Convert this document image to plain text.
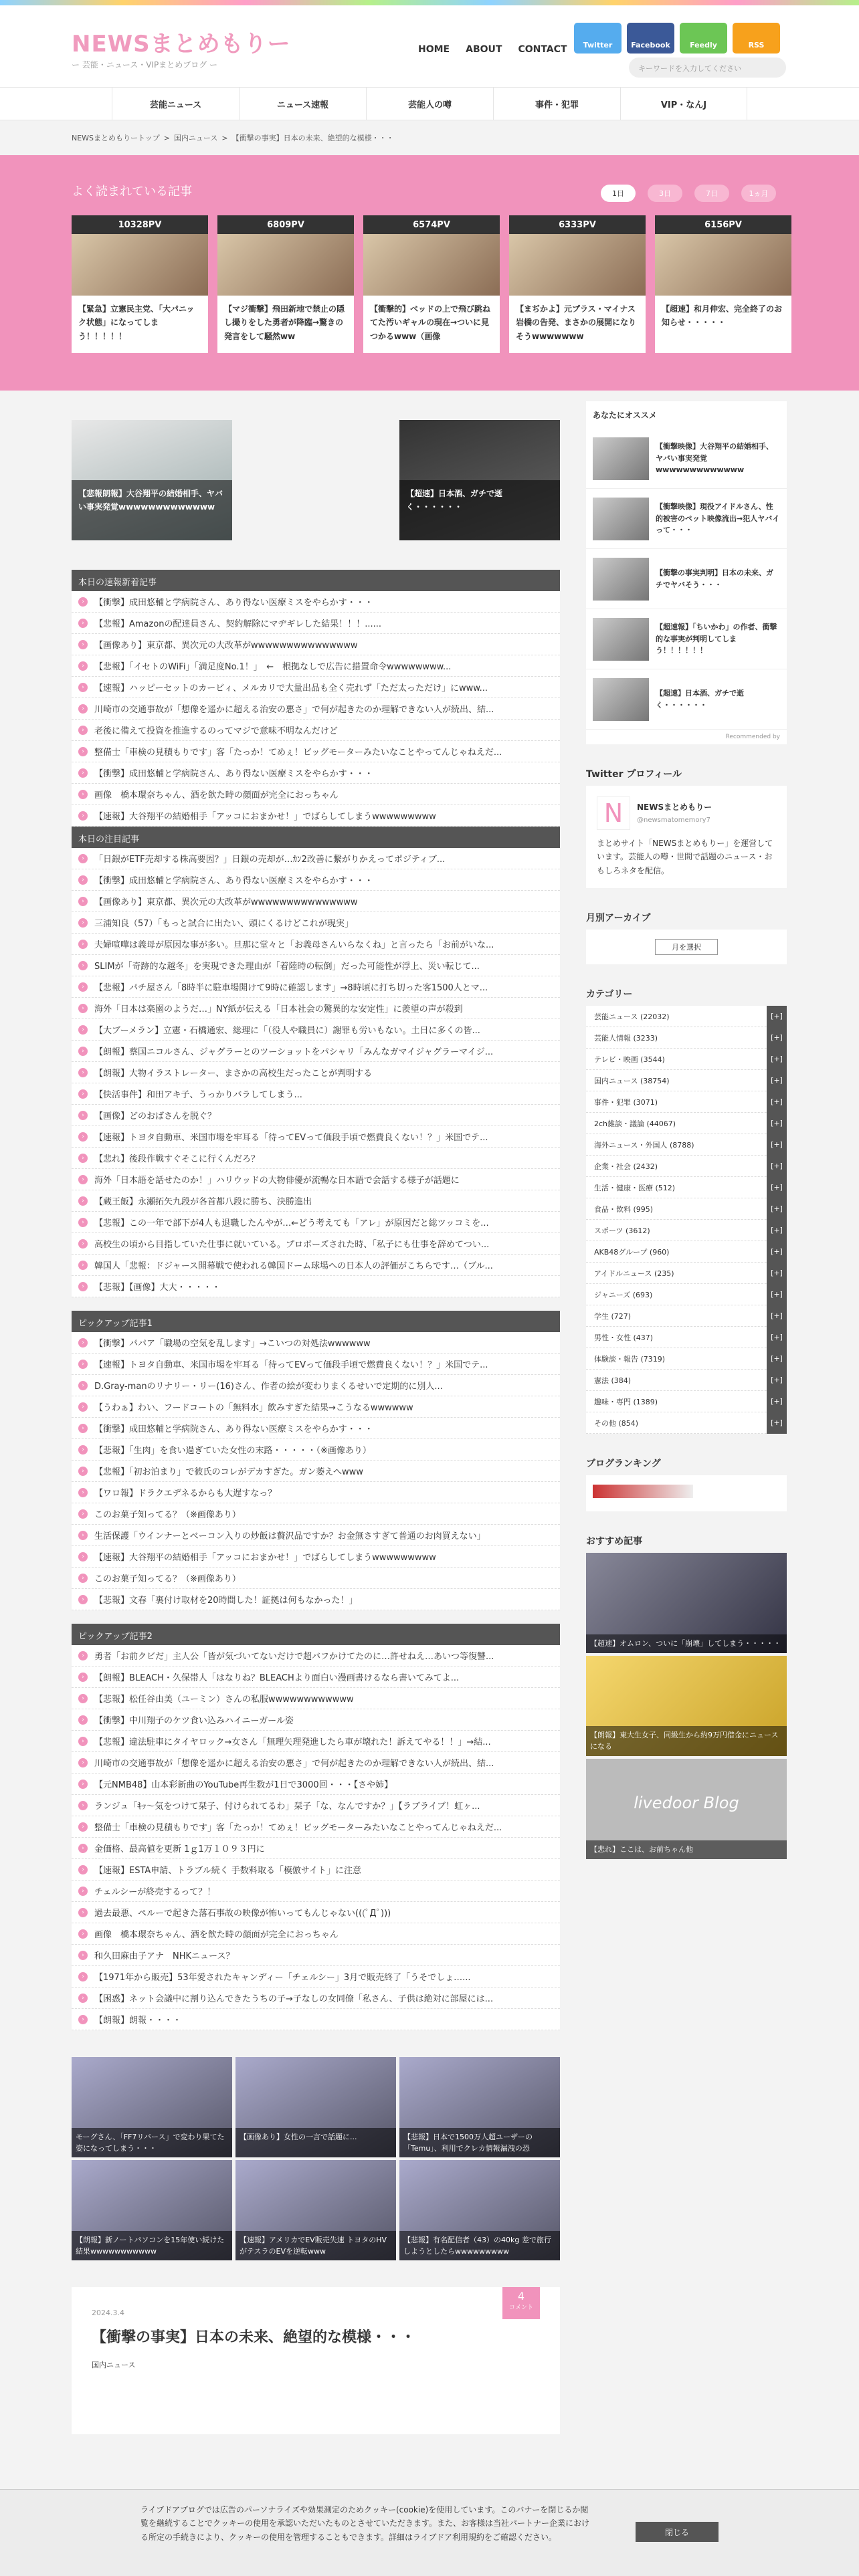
NEWSまとめもりー
ー 芸能・ニュース・VIPまとめブログ ー
HOME ABOUT CONTACT	Twitter	Facebook	Feedly	RSS
キーワードを入力してください
芸能ニュース	ニュース速報	芸能人の噂	事件・犯罪	VIP・なんJ
NEWSまとめもりートップ > 国内ニュース > 【衝撃の事実】日本の未来、絶望的な模様・・・
よく読まれている記事	1日	3日	7日	1ヵ月
10328PV
【緊急】立憲民主党、「大パニック状態」になってしまう！！！！！
6809PV
【マジ衝撃】飛田新地で禁止の隠し撮りをした勇者が降臨→驚きの発言をして騒然ww
6574PV
【衝撃的】ベッドの上で飛び跳ねてた汚いギャルの現在→ついに見つかるwww（画像
6333PV
【まぢかよ】元プラス・マイナス岩橋の告発、まさかの展開になりそうwwwwwww
6156PV
【超速】和月伸宏、完全終了のお知らせ・・・・・
【悲報朗報】大谷翔平の結婚相手、ヤバい事実発覚wwwwwwwwwwwww
【超速】日本酒、ガチで逝く・・・・・・
本日の速報新着記事
›	【衝撃】成田悠輔と学病院さん、あり得ない医療ミスをやらかす・・・
›	【悲報】Amazonの配達員さん、契約解除にマヂギレした結果！！！......
›	【画像あり】東京都、異次元の大改革がwwwwwwwwwwwwwww
›	【悲報】「イセトのWiFi」「満足度No.1！」　←　根拠なしで広告に措置命令wwwwwwww...
›	【速報】ハッピーセットのカービィ、メルカリで大量出品も全く売れず「ただ太っただけ」にwww...
›	川崎市の交通事故が「想像を遥かに超える治安の悪さ」で何が起きたのか理解できない人が続出、結...
›	老後に備えて投資を推進するのってマジで意味不明なんだけど
›	整備士「車検の見積もりです」客「たっか！てめぇ！ビッグモーターみたいなことやってんじゃねえだ...
›	【衝撃】成田悠輔と学病院さん、あり得ない医療ミスをやらかす・・・
›	画像　橋本環奈ちゃん、酒を飲た時の顔面が完全におっちゃん
›	【速報】大谷翔平の結婚相手「アッコにおまかせ！」でばらしてしまうwwwwwwwww
本日の注目記事
›	「日銀がETF売却する株高要因？」日銀の売却が…ｶﾝ2改善に繋がりかえってポジティブ...
›	【衝撃】成田悠輔と学病院さん、あり得ない医療ミスをやらかす・・・
›	【画像あり】東京都、異次元の大改革がwwwwwwwwwwwwwww
›	三浦知良（57）「もっと試合に出たい、頭にくるけどこれが現実」
›	夫婦喧嘩は義母が原因な事が多い。旦那に堂々と「お義母さんいらなくね」と言ったら「お前がいな...
›	SLIMが「奇跡的な越冬」を実現できた理由が「着陸時の転倒」だった可能性が浮上、災い転じて...
›	【悲報】パチ屋さん「8時半に駐車場開けて9時に確認します」→8時頃に打ち切った客1500人とマ...
›	海外「日本は楽園のようだ…」NY紙が伝える「日本社会の驚異的な安定性」に羨望の声が殺到
›	【大ブーメラン】立憲・石橋通宏、総理に「（役人や職員に）謝罪も労いもない。土日に多くの皆...
›	【朗報】蔡国ニコルさん、ジャグラーとのツーショットをパシャリ「みんなガマイジャグラーマイジ...
›	【朗報】大物イラストレーター、まさかの高校生だったことが判明する
›	【快活事件】和田アキ子、うっかりバラしてしまう...
›	【画像】どのおばさんを脱ぐ？
›	【速報】トヨタ自動車、米国市場を牢耳る「待ってEVって価段手頃で燃費良くない！？」米国でテ...
›	【悲れ】後段作戦すぐそこに行くんだろ？
›	海外「日本語を話せたのか！」ハリウッドの大物俳優が流暢な日本語で会話する様子が話題に
›	【蔵王飯】永瀬拓矢九段が各首都八段に勝ち、決勝進出
›	【悲報】この一年で部下が4人も退職したんやが…←どう考えても「アレ」が原因だと総ツッコミを...
›	高校生の頃から目指していた仕事に就いている。プロボーズされた時、「私子にも仕事を辞めてつい...
›	韓国人「悲報：ドジャース開幕戦で使われる韓国ドーム球場への日本人の評価がこちらです…（ブル...
›	【悲報】【画像】大大・・・・・
ピックアップ記事1
›	【衝撃】パパア「職場の空気を乱します」→こいつの対処法wwwwww
›	【速報】トヨタ自動車、米国市場を牢耳る「待ってEVって価段手頃で燃費良くない！？」米国でテ...
›	D.Gray-manのリナリー・リー(16)さん、作者の絵が変わりまくるせいで定期的に別人...
›	【うわぁ】わい、フードコートの「無料水」飲みすぎた結果→こうなるwwwwww
›	【衝撃】成田悠輔と学病院さん、あり得ない医療ミスをやらかす・・・
›	【悲報】「生肉」を食い過ぎていた女性の末路・・・・・（※画像あり）
›	【悲報】「初お泊まり」で彼氏のコレがデカすぎた。ガン萎えへwww
›	【ワロ報】ドラクエデネるからも大遅すなっ？
›	このお菓子知ってる？（※画像あり）
›	生活保護「ウインナーとベーコン入りの炒飯は贅沢品ですか？お金無さすぎて普通のお肉買えない」
›	【速報】大谷翔平の結婚相手「アッコにおまかせ！」でばらしてしまうwwwwwwwww
›	このお菓子知ってる？（※画像あり）
›	【悲報】文春「裏付け取材を20時間した！証拠は何もなかった！」
ピックアップ記事2
›	勇者「お前クビだ」主人公「皆が気づいてないだけで超バフかけてたのに…許せねえ…あいつ等復讐...
›	【朗報】BLEACH・久保帯人「はなりね？BLEACHより面白い漫画書けるなら書いてみてよ...
›	【悲報】松任谷由美（ユーミン）さんの私服wwwwwwwwwwww
›	【衝撃】中川翔子のケツ食い込みハイニーガール姿
›	【悲報】違法駐車にタイヤロック→女さん「無理矢理発進したら車が壊れた！訴えてやる！！」→結...
›	川崎市の交通事故が「想像を遥かに超える治安の悪さ」で何が起きたのか理解できない人が続出、結...
›	【元NMB48】山本彩新曲のYouTube再生数が1日で3000回・・・【さや姉】
›	ランジュ「ｷｯ～気をつけて栞子、付けられてるわ」栞子「な、なんですか？」【ラブライブ！虹ヶ...
›	整備士「車検の見積もりです」客「たっか！てめぇ！ビッグモーターみたいなことやってんじゃねえだ...
›	金価格、最高値を更新 1ｇ1万１０９３円に
›	【速報】ESTA申請、トラブル続く 手数料取る「模倣サイト」に注意
›	チェルシーが終売するって？！
›	過去最悪、ペルーで起きた落石事故の映像が怖いってもんじゃない(((ﾟДﾟ)))
›	画像　橋本環奈ちゃん、酒を飲た時の顔面が完全におっちゃん
›	和久田麻由子アナ　NHKニュース？
›	【1971年から販売】53年愛されたキャンディー「チェルシー」3月で販売終了「うそでしょ…...
›	【困惑】ネット会議中に割り込んできたうちの子→子なしの女同僚「私さん、子供は絶対に部屋には...
›	【朗報】朗報・・・・
モーグさん、「FF7リバース」で変わり果てた姿になってしまう・・・
【画像あり】女性の一言で話題に...	【悲報】日本で1500万人超ユーザーの「Temu」、利用でクレカ情報漏洩の恐
【朗報】新ノートパソコンを15年使い続けた結果wwwwwwwwwww
【速報】アメリカでEV販売失速 トヨタのHVがテスラのEVを逆転www
【悲報】有名配信者（43）の40kg 差で旅行しようとしたらwwwwwwwww
2024.3.4
【衝撃の事実】日本の未来、絶望的な模様・・・
国内ニュース
4
コメント
あなたにオススメ
【衝撃映像】大谷翔平の結婚相手、ヤバい事実発覚wwwwwwwwwwwww
【衝撃映像】現役アイドルさん、性的被害のペット映像流出→犯人ヤバイって・・・
【衝撃の事実判明】日本の未来、ガチでヤバそう・・・
【超速報】「ちいかわ」の作者、衝撃的な事実が判明してしまう！！！！！！
【超速】日本酒、ガチで逝く・・・・・・
Recommended by
Twitter プロフィール
N	NEWSまとめもりー
@newsmatomemory7
まとめサイト「NEWSまとめもりー」を運営しています。芸能人の噂・世間で話題のニュース・おもしろネタを配信。
月別アーカイブ
月を選択
カテゴリー
芸能ニュース (22032)	[+]
芸能人情報 (3233)	[+]
テレビ・映画 (3544)	[+]
国内ニュース (38754)	[+]
事件・犯罪 (3071)	[+]
2ch雑談・議論 (44067)	[+]
海外ニュース・外国人 (8788)	[+]
企業・社会 (2432)	[+]
生活・健康・医療 (512)	[+]
食品・飲料 (995)	[+]
スポーツ (3612)	[+]
AKB48グループ (960)	[+]
アイドルニュース (235)	[+]
ジャニーズ (693)	[+]
学生 (727)	[+]
男性・女性 (437)	[+]
体験談・報告 (7319)	[+]
憲法 (384)	[+]
趣味・専門 (1389)	[+]
その他 (854)	[+]
ブログランキング
おすすめ記事
【超速】オムロン、ついに「崩壊」してしまう・・・・・
【朗報】東大生女子、同級生から約9万円借金にニュースになる
livedoor Blog
【悲れ】ここは、お前ちゃん他
ライブドアブログでは広告のパーソナライズや効果測定のためクッキー(cookie)を使用しています。このバナーを閉じるか閲覧を継続することでクッキーの使用を承認いただいたものとさせていただきます。また、お客様は当社パートナー企業における所定の手続きにより、クッキーの使用を管理することもできます。詳細はライブドア利用規約をご確認ください。
閉じる
